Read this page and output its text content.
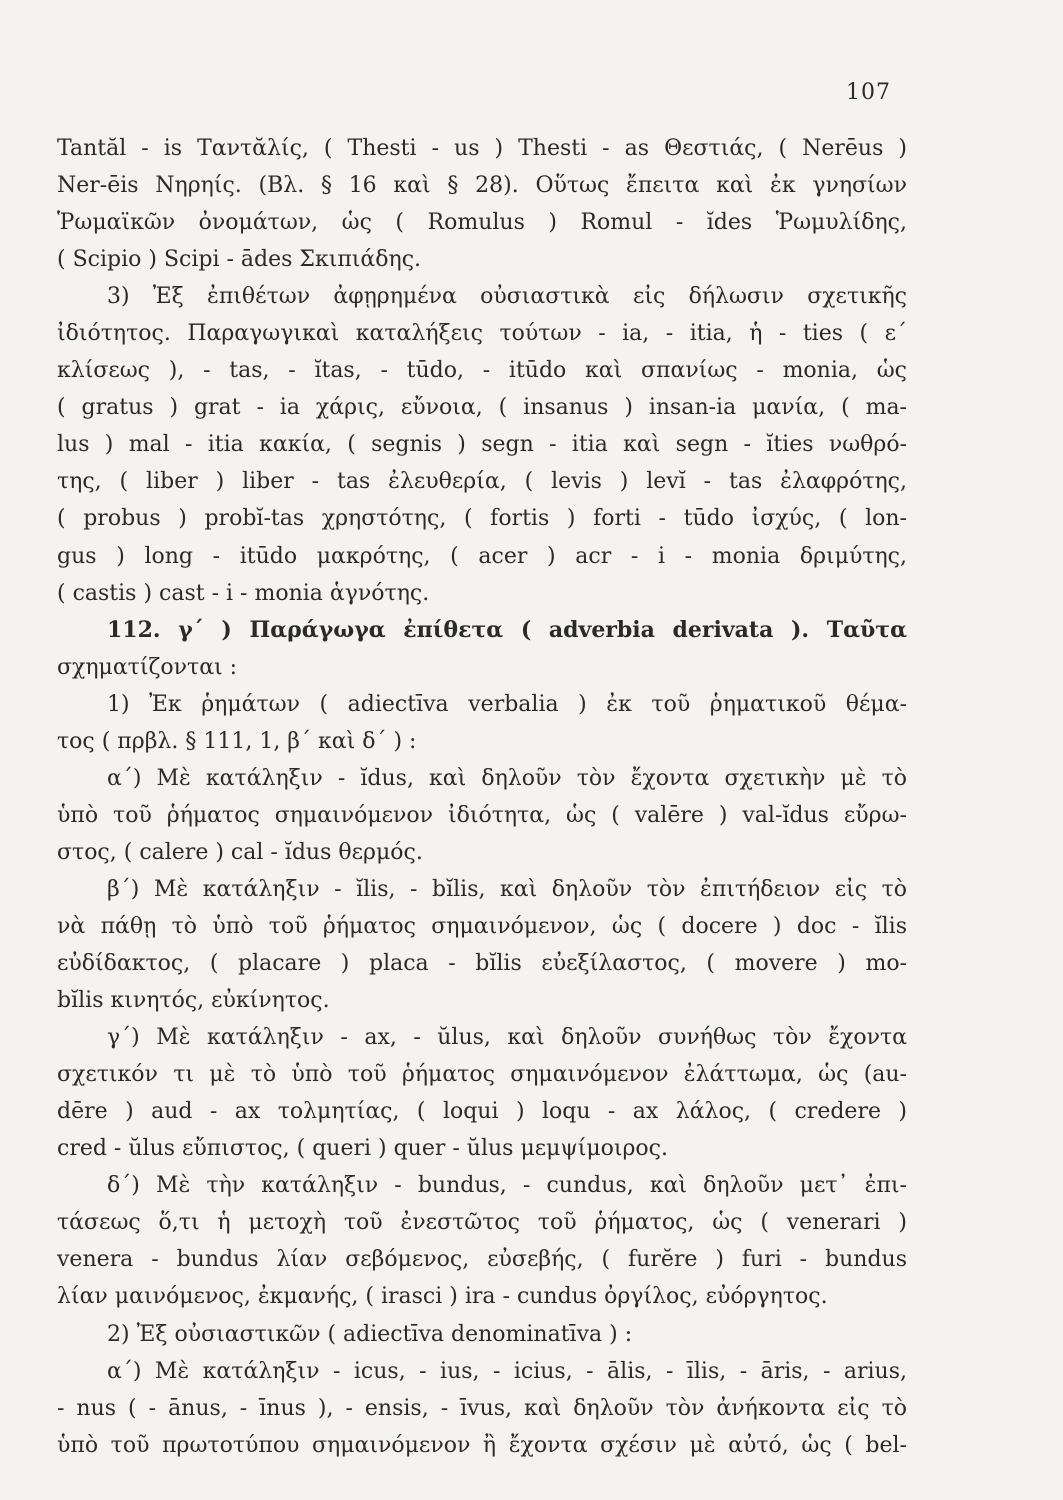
107
Tantăl - is Ταντᾰλίς, ( Thesti - us ) Thesti - as Θεστιάς, ( Nerēus )
Ner-ēis Νηρηίς. (Βλ. § 16 καὶ § 28). Οὕτως ἔπειτα καὶ ἐκ γνησίων
Ῥωμαϊκῶν ὀνομάτων, ὡς ( Romulus ) Romul - ĭdes Ῥωμυλίδης,
( Scipio ) Scipi - ādes Σκιπιάδης.
3) Ἐξ ἐπιθέτων ἀφῃρημένα οὐσιαστικὰ εἰς δήλωσιν σχετικῆς
ἰδιότητος. Παραγωγικαὶ καταλήξεις τούτων - ia, - itia, ἡ - ties ( ε´
κλίσεως ), - tas, - ĭtas, - tūdo, - itūdo καὶ σπανίως - monia, ὡς
( gratus ) grat - ia χάρις, εὔνοια, ( insanus ) insan-ia μανία, ( ma-
lus ) mal - itia κακία, ( segnis ) segn - itia καὶ segn - ĭties νωθρό-
της, ( liber ) liber - tas ἐλευθερία, ( levis ) levĭ - tas ἐλαφρότης,
( probus ) probĭ-tas χρηστότης, ( fortis ) forti - tūdo ἰσχύς, ( lon-
gus ) long - itūdo μακρότης, ( acer ) acr - i - monia δριμύτης,
( castis ) cast - i - monia ἁγνότης.
112. γ´ ) Παράγωγα ἐπίθετα ( adverbia derivata ). Ταῦτα
σχηματίζονται :
1) Ἐκ ῥημάτων ( adiectīva verbalia ) ἐκ τοῦ ῥηματικοῦ θέμα-
τος ( πρβλ. § 111, 1, β´ καὶ δ´ ) :
α´) Μὲ κατάληξιν - ĭdus, καὶ δηλοῦν τὸν ἔχοντα σχετικὴν μὲ τὸ
ὑπὸ τοῦ ῥήματος σημαινόμενον ἰδιότητα, ὡς ( valēre ) val-ĭdus εὔρω-
στος, ( calere ) cal - ĭdus θερμός.
β´) Μὲ κατάληξιν - ĭlis, - bĭlis, καὶ δηλοῦν τὸν ἐπιτήδειον εἰς τὸ
νὰ πάθῃ τὸ ὑπὸ τοῦ ῥήματος σημαινόμενον, ὡς ( docere ) doc - ĭlis
εὐδίδακτος, ( placare ) placa - bĭlis εὐεξίλαστος, ( movere ) mo-
bĭlis κινητός, εὐκίνητος.
γ´) Μὲ κατάληξιν - ax, - ŭlus, καὶ δηλοῦν συνήθως τὸν ἔχοντα
σχετικόν τι μὲ τὸ ὑπὸ τοῦ ῥήματος σημαινόμενον ἐλάττωμα, ὡς (au-
dēre ) aud - ax τολμητίας, ( loqui ) loqu - ax λάλος, ( credere )
cred - ŭlus εὔπιστος, ( queri ) quer - ŭlus μεμψίμοιρος.
δ´) Μὲ τὴν κατάληξιν - bundus, - cundus, καὶ δηλοῦν μετ᾽ ἐπι-
τάσεως ὅ,τι ἡ μετοχὴ τοῦ ἐνεστῶτος τοῦ ῥήματος, ὡς ( venerari )
venera - bundus λίαν σεβόμενος, εὐσεβής, ( furĕre ) furi - bundus
λίαν μαινόμενος, ἐκμανής, ( irasci ) ira - cundus ὀργίλος, εὐόργητος.
2) Ἐξ οὐσιαστικῶν ( adiectīva denominatīva ) :
α´) Μὲ κατάληξιν - icus, - ius, - icius, - ālis, - īlis, - āris, - arius,
- nus ( - ānus, - īnus ), - ensis, - īvus, καὶ δηλοῦν τὸν ἀνήκοντα εἰς τὸ
ὑπὸ τοῦ πρωτοτύπου σημαινόμενον ἢ ἔχοντα σχέσιν μὲ αὐτό, ὡς ( bel-
